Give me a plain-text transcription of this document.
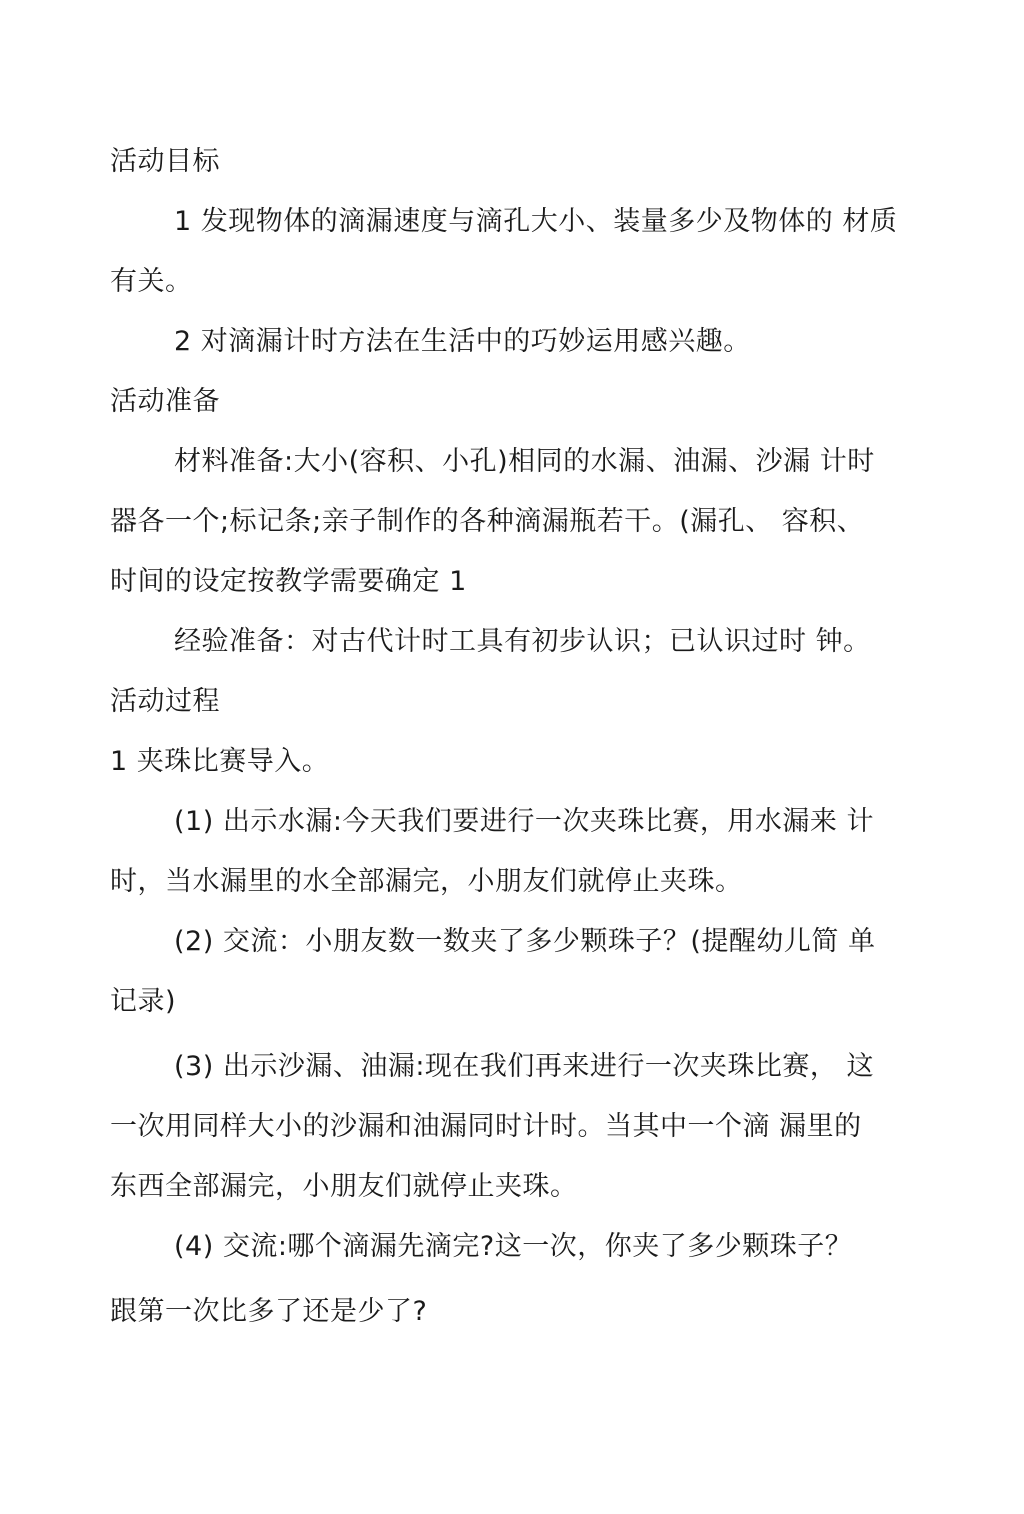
活动目标
1 发现物体的滴漏速度与滴孔大小、装量多少及物体的 材质
有关。
2 对滴漏计时方法在生活中的巧妙运用感兴趣。
活动准备
材料准备:大小(容积、小孔)相同的水漏、油漏、沙漏 计时
器各一个;标记条;亲子制作的各种滴漏瓶若干。(漏孔、 容积、
时间的设定按教学需要确定 1
经验准备：对古代计时工具有初步认识；已认识过时 钟。
活动过程
1 夹珠比赛导入。
(1) 出示水漏:今天我们要进行一次夹珠比赛，用水漏来 计
时，当水漏里的水全部漏完，小朋友们就停止夹珠。
(2) 交流：小朋友数一数夹了多少颗珠子？(提醒幼儿简 单
记录)
(3) 出示沙漏、油漏:现在我们再来进行一次夹珠比赛， 这
一次用同样大小的沙漏和油漏同时计时。当其中一个滴 漏里的
东西全部漏完，小朋友们就停止夹珠。
(4) 交流:哪个滴漏先滴完?这一次，你夹了多少颗珠子？
跟第一次比多了还是少了?
